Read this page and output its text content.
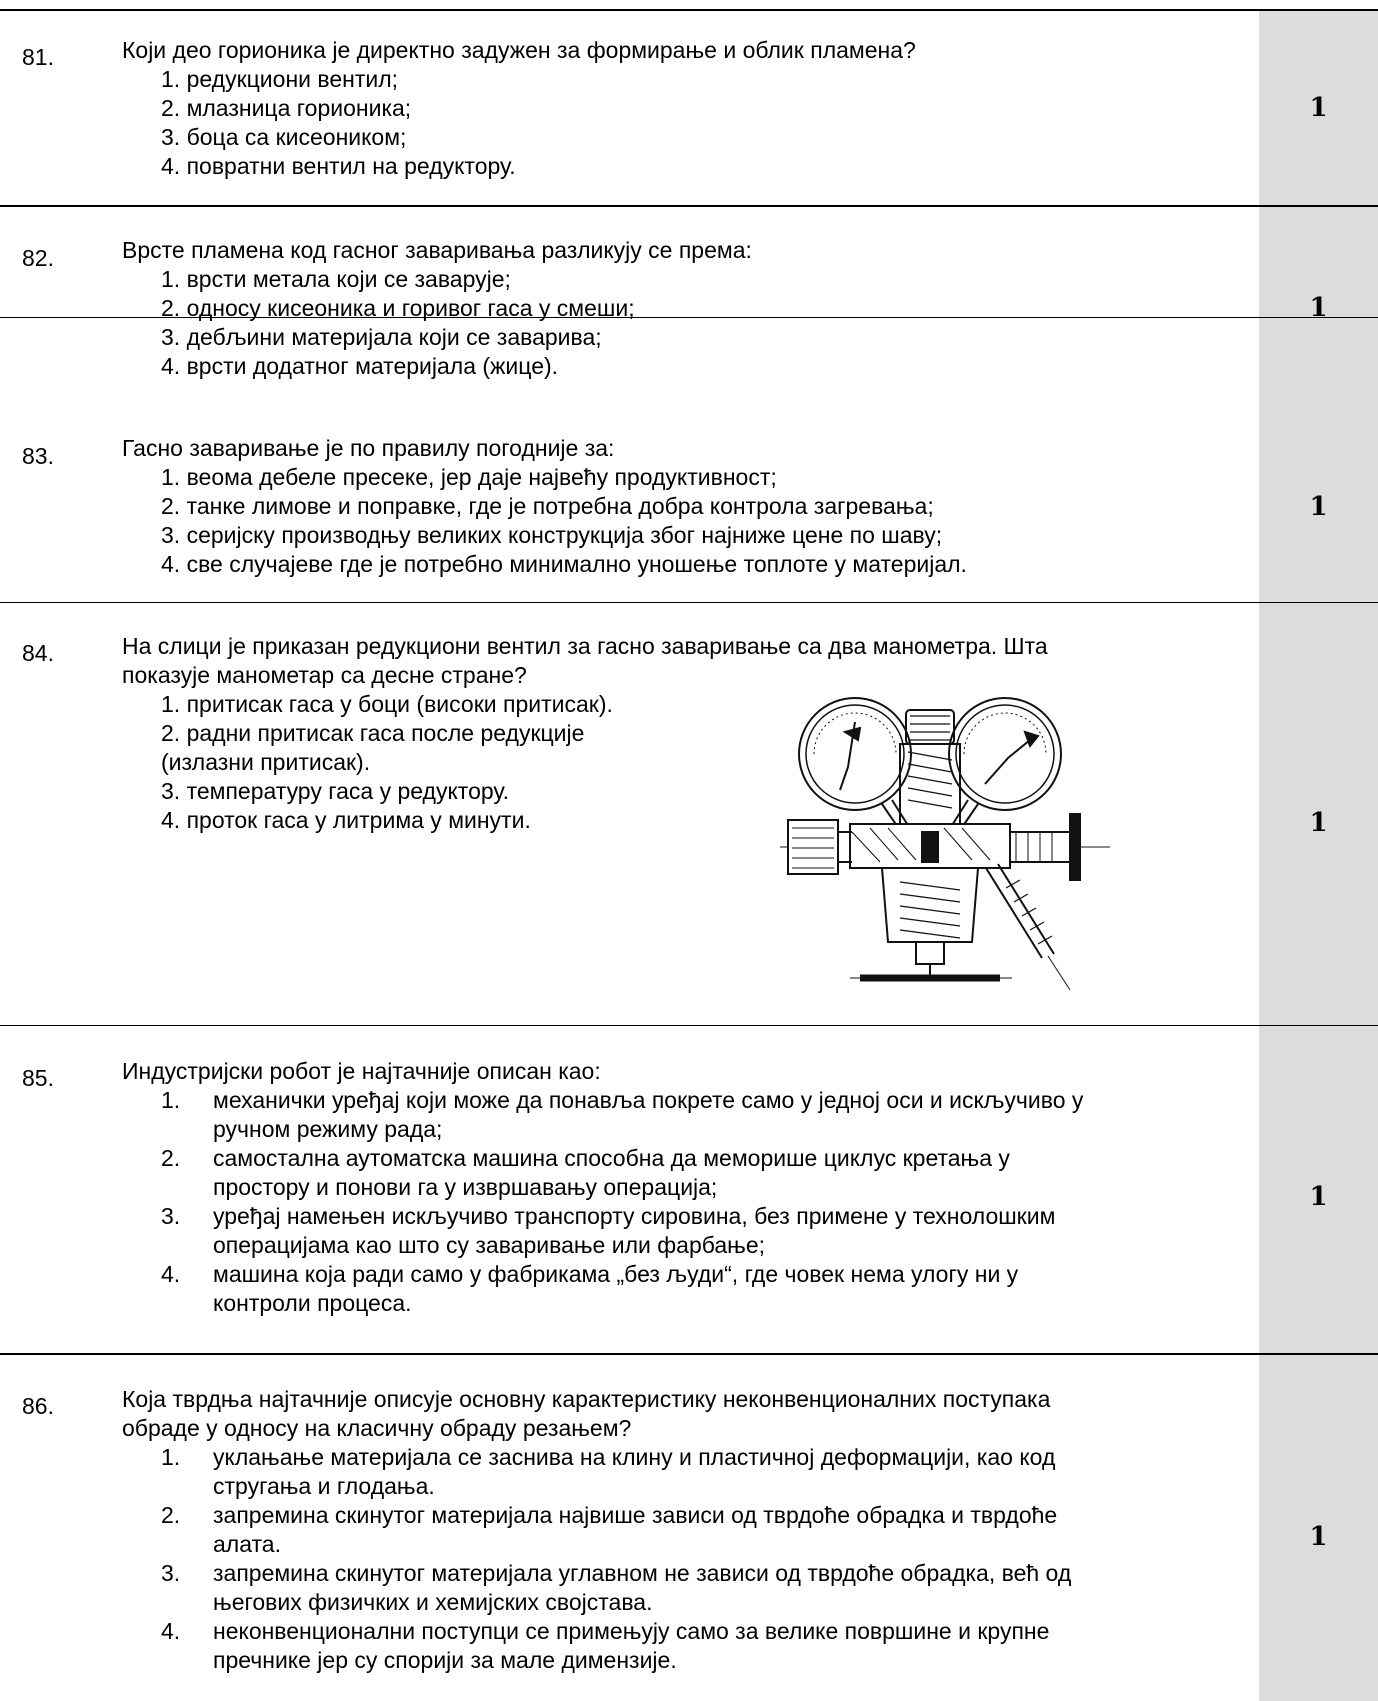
81.	Који део горионика је директно задужен за формирање и облик пламена?
1. редукциони вентил;
2. млазница горионика;
3. боца са кисеоником;
4. повратни вентил на редуктору.
1
82.	Врсте пламена код гасног заваривања разликују се према:
1. врсти метала који се заварује;
2. односу кисеоника и горивог гаса у смеши;
3. дебљини материјала који се заварива;
4. врсти додатног материјала (жице).
1
83.	Гасно заваривање је по правилу погодније за:
1. веома дебеле пресеке, јер даје највећу продуктивност;
2. танке лимове и поправке, где је потребна добра контрола загревања;
3. серијску производњу великих конструкција због најниже цене по шаву;
4. све случајеве где је потребно минимално уношење топлоте у материјал.
1
84.	На слици је приказан редукциони вентил за гасно заваривање са два манометра. Шта
показује манометар са десне стране?
1. притисак гаса у боци (високи притисак).
2. радни притисак гаса после редукције
(излазни притисак).
3. температуру гаса у редуктору.
4. проток гаса у литрима у минути.	1
85.	Индустријски робот је најтачније описан као:
1. механички уређај који може да понавља покрете само у једној оси и искључиво у
ручном режиму рада;
2. самостална аутоматска машина способна да меморише циклус кретања у
простору и понови га у извршавању операција;
3. уређај намењен искључиво транспорту сировина, без примене у технолошким
операцијама као што су заваривање или фарбање;
4. машина која ради само у фабрикама „без људи“, где човек нема улогу ни у
контроли процеса.
1
86.	Која тврдња најтачније описује основну карактеристику неконвенционалних поступака
обраде у односу на класичну обраду резањем?
1. уклањање материјала се заснива на клину и пластичној деформацији, као код
стругања и глодања.
2. запремина скинутог материјала највише зависи од тврдоће обрадка и тврдоће
алата.
3. запремина скинутог материјала углавном не зависи од тврдоће обрадка, већ од
његових физичких и хемијских својстава.
4. неконвенционални поступци се примењују само за велике површине и крупне
пречнике јер су спорији за мале димензије.
1
